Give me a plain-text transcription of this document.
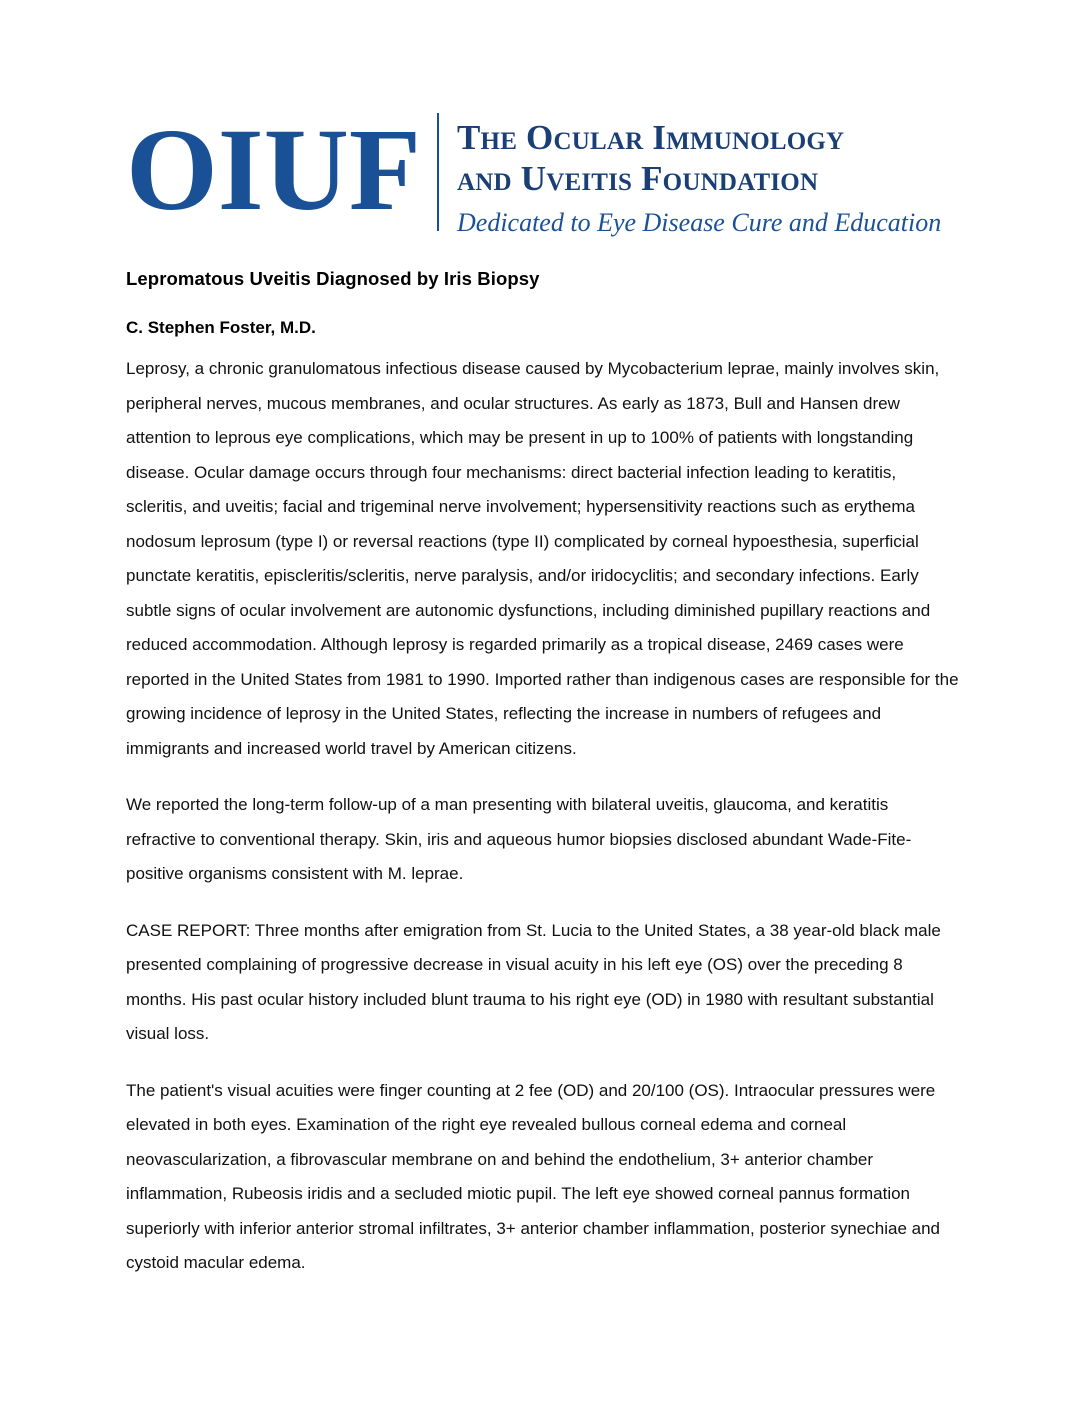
OIUF The Ocular Immunology
and Uveitis Foundation
Dedicated to Eye Disease Cure and Education
Lepromatous Uveitis Diagnosed by Iris Biopsy
C. Stephen Foster, M.D.

Leprosy, a chronic granulomatous infectious disease caused by Mycobacterium leprae, mainly involves skin, peripheral nerves, mucous membranes, and ocular structures. As early as 1873, Bull and Hansen drew attention to leprous eye complications, which may be present in up to 100% of patients with longstanding disease. Ocular damage occurs through four mechanisms: direct bacterial infection leading to keratitis, scleritis, and uveitis; facial and trigeminal nerve involvement; hypersensitivity reactions such as erythema nodosum leprosum (type I) or reversal reactions (type II) complicated by corneal hypoesthesia, superficial punctate keratitis, episcleritis/scleritis, nerve paralysis, and/or iridocyclitis; and secondary infections. Early subtle signs of ocular involvement are autonomic dysfunctions, including diminished pupillary reactions and reduced accommodation. Although leprosy is regarded primarily as a tropical disease, 2469 cases were reported in the United States from 1981 to 1990. Imported rather than indigenous cases are responsible for the growing incidence of leprosy in the United States, reflecting the increase in numbers of refugees and immigrants and increased world travel by American citizens.

We reported the long-term follow-up of a man presenting with bilateral uveitis, glaucoma, and keratitis refractive to conventional therapy. Skin, iris and aqueous humor biopsies disclosed abundant Wade-Fite-positive organisms consistent with M. leprae.

CASE REPORT: Three months after emigration from St. Lucia to the United States, a 38 year-old black male presented complaining of progressive decrease in visual acuity in his left eye (OS) over the preceding 8 months. His past ocular history included blunt trauma to his right eye (OD) in 1980 with resultant substantial visual loss.

The patient's visual acuities were finger counting at 2 fee (OD) and 20/100 (OS). Intraocular pressures were elevated in both eyes. Examination of the right eye revealed bullous corneal edema and corneal neovascularization, a fibrovascular membrane on and behind the endothelium, 3+ anterior chamber inflammation, Rubeosis iridis and a secluded miotic pupil. The left eye showed corneal pannus formation superiorly with inferior anterior stromal infiltrates, 3+ anterior chamber inflammation, posterior synechiae and cystoid macular edema.
